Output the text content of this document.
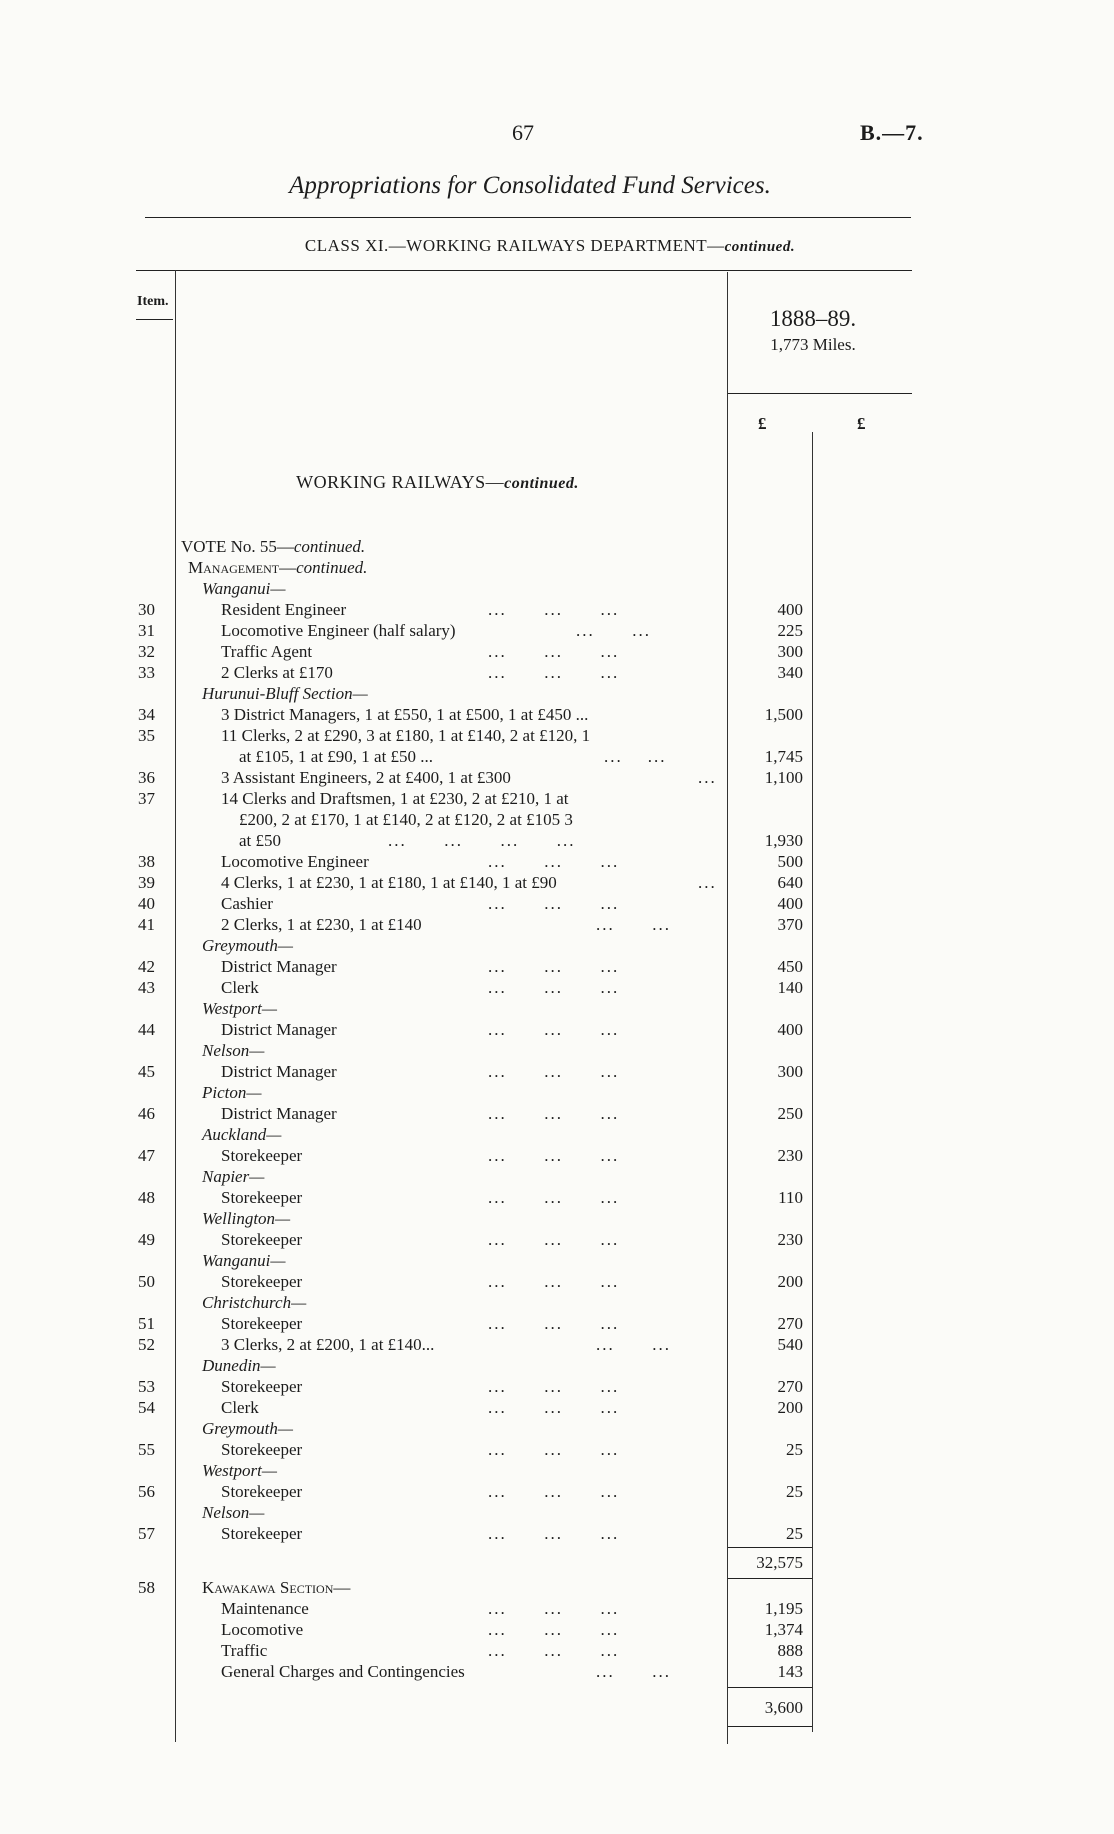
67	B.—7.
Appropriations for Consolidated Fund Services.
CLASS XI.—WORKING RAILWAYS DEPARTMENT—continued.
Item.
1888–89.
1,773 Miles.
£	£
WORKING RAILWAYS—continued.
VOTE No. 55—continued.
Management—continued.
Wanganui—
30	Resident Engineer	...      ...      ...	400
31	Locomotive Engineer (half salary)	...      ...	225
32	Traffic Agent	...      ...      ...	300
33	2 Clerks at £170	...      ...      ...	340
Hurunui-Bluff Section—
34	3 District Managers, 1 at £550, 1 at £500, 1 at £450 ...	1,500
35	11 Clerks, 2 at £290, 3 at £180, 1 at £140, 2 at £120, 1
at £105, 1 at £90, 1 at £50 ...	...    ...	1,745
36	3 Assistant Engineers, 2 at £400, 1 at £300	...	1,100
37	14 Clerks and Draftsmen, 1 at £230, 2 at £210, 1 at
£200, 2 at £170, 1 at £140, 2 at £120, 2 at £105 3
at £50	...      ...      ...      ...	1,930
38	Locomotive Engineer	...      ...      ...	500
39	4 Clerks, 1 at £230, 1 at £180, 1 at £140, 1 at £90	...	640
40	Cashier	...      ...      ...	400
41	2 Clerks, 1 at £230, 1 at £140	...      ...	370
Greymouth—
42	District Manager	...      ...      ...	450
43	Clerk	...      ...      ...	140
Westport—
44	District Manager	...      ...      ...	400
Nelson—
45	District Manager	...      ...      ...	300
Picton—
46	District Manager	...      ...      ...	250
Auckland—
47	Storekeeper	...      ...      ...	230
Napier—
48	Storekeeper	...      ...      ...	110
Wellington—
49	Storekeeper	...      ...      ...	230
Wanganui—
50	Storekeeper	...      ...      ...	200
Christchurch—
51	Storekeeper	...      ...      ...	270
52	3 Clerks, 2 at £200, 1 at £140...	...      ...	540
Dunedin—
53	Storekeeper	...      ...      ...	270
54	Clerk	...      ...      ...	200
Greymouth—
55	Storekeeper	...      ...      ...	25
Westport—
56	Storekeeper	...      ...      ...	25
Nelson—
57	Storekeeper	...      ...      ...	25
32,575
58	Kawakawa Section—
Maintenance	...      ...      ...	1,195
Locomotive	...      ...      ...	1,374
Traffic	...      ...      ...	888
General Charges and Contingencies	...      ...	143
3,600
